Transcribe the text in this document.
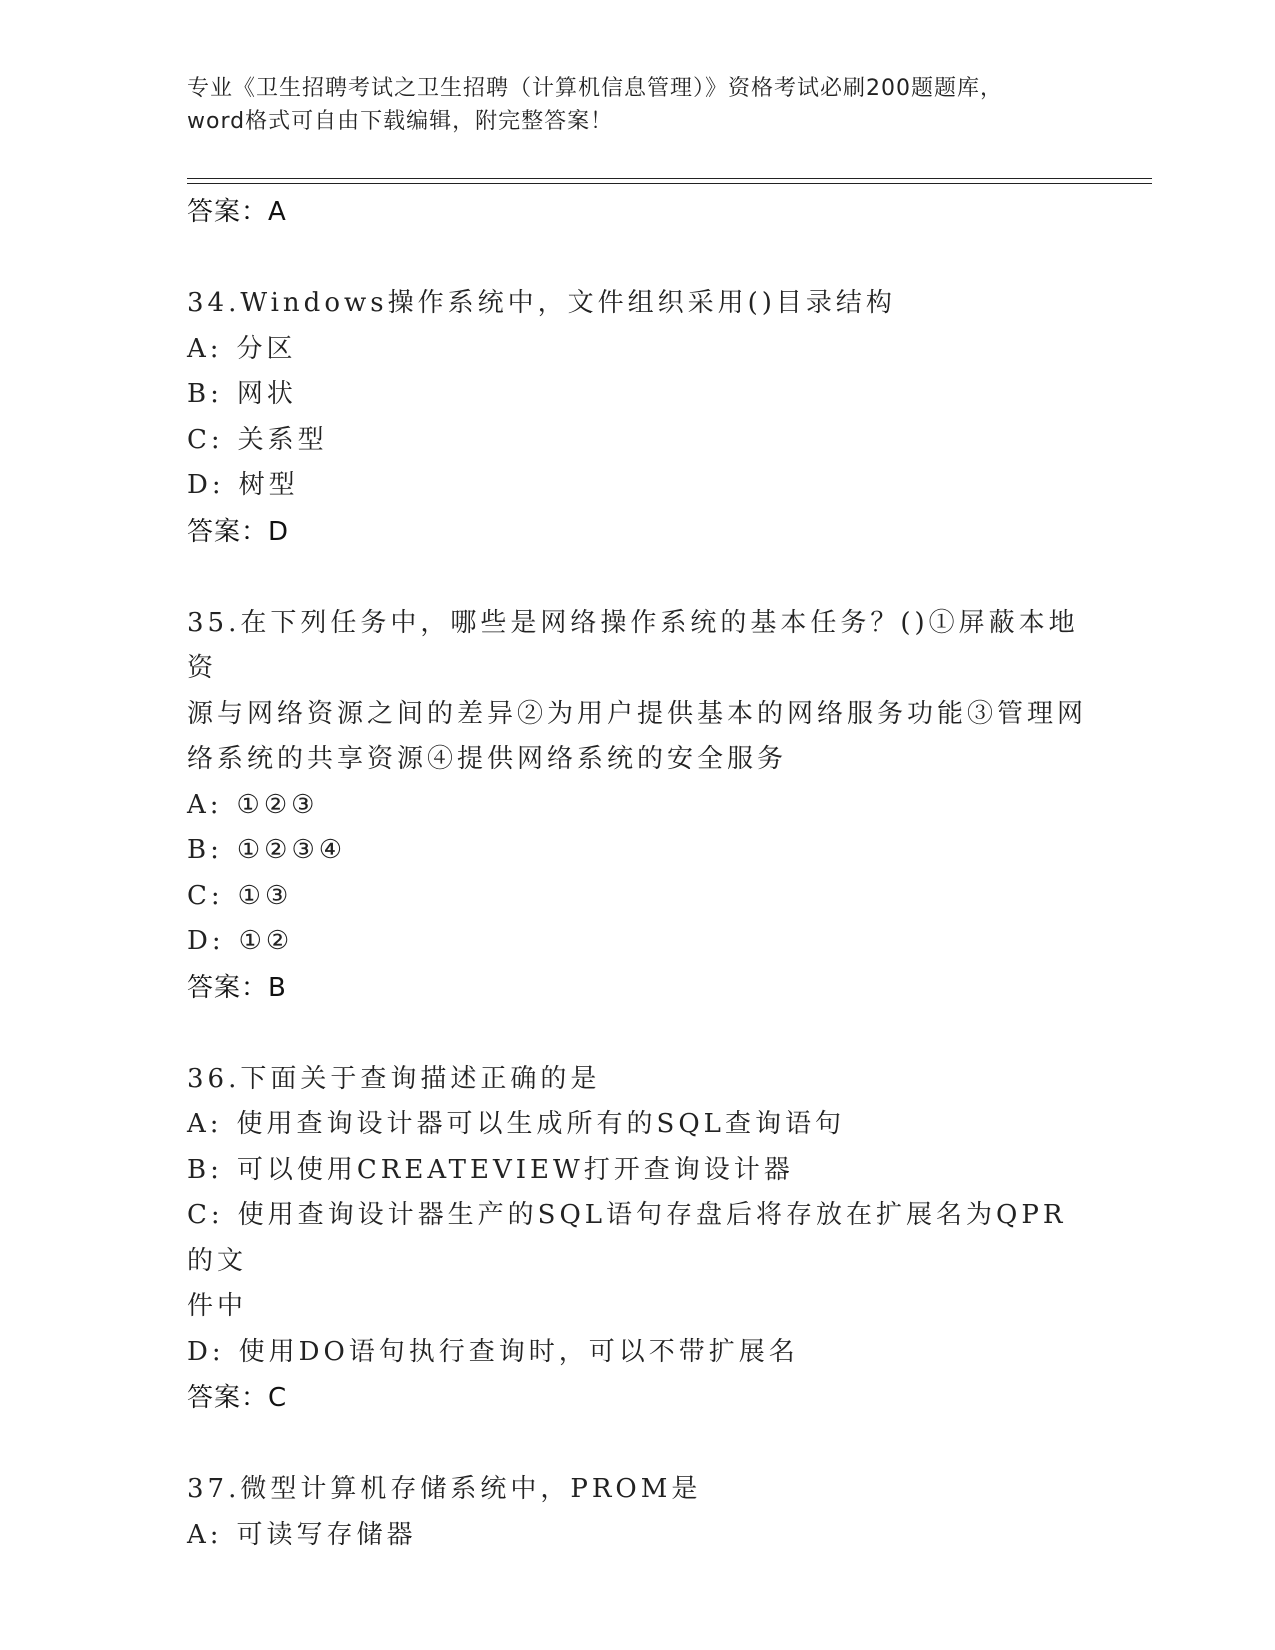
专业《卫生招聘考试之卫生招聘（计算机信息管理）》资格考试必刷200题题库，
word格式可自由下载编辑，附完整答案！
答案：A
34.Windows操作系统中，文件组织采用()目录结构
A: 分区
B: 网状
C: 关系型
D: 树型
答案：D
35.在下列任务中，哪些是网络操作系统的基本任务？()①屏蔽本地资
源与网络资源之间的差异②为用户提供基本的网络服务功能③管理网
络系统的共享资源④提供网络系统的安全服务
A: ①②③
B: ①②③④
C: ①③
D: ①②
答案：B
36.下面关于查询描述正确的是
A: 使用查询设计器可以生成所有的SQL查询语句
B: 可以使用CREATEVIEW打开查询设计器
C: 使用查询设计器生产的SQL语句存盘后将存放在扩展名为QPR的文
件中
D: 使用DO语句执行查询时，可以不带扩展名
答案：C
37.微型计算机存储系统中，PROM是
A: 可读写存储器
